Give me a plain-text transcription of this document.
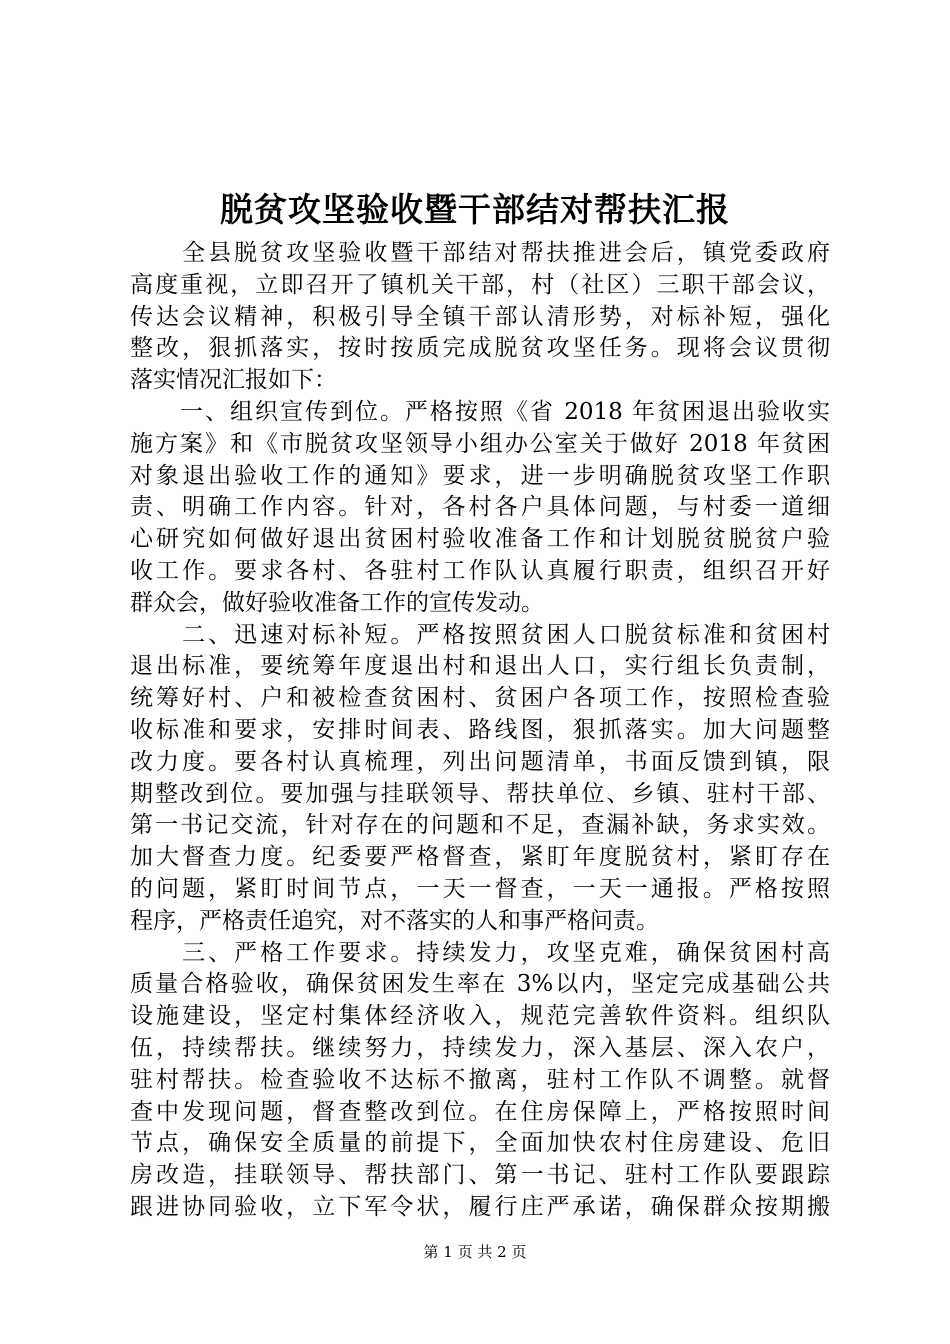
脱贫攻坚验收暨干部结对帮扶汇报
　　全县脱贫攻坚验收暨干部结对帮扶推进会后，镇党委政府
高度重视，立即召开了镇机关干部，村（社区）三职干部会议，
传达会议精神，积极引导全镇干部认清形势，对标补短，强化
整改，狠抓落实，按时按质完成脱贫攻坚任务。现将会议贯彻
落实情况汇报如下：
　　一、组织宣传到位。严格按照《省 2018 年贫困退出验收实
施方案》和《市脱贫攻坚领导小组办公室关于做好 2018 年贫困
对象退出验收工作的通知》要求，进一步明确脱贫攻坚工作职
责、明确工作内容。针对，各村各户具体问题，与村委一道细
心研究如何做好退出贫困村验收准备工作和计划脱贫脱贫户验
收工作。要求各村、各驻村工作队认真履行职责，组织召开好
群众会，做好验收准备工作的宣传发动。
　　二、迅速对标补短。严格按照贫困人口脱贫标准和贫困村
退出标准，要统筹年度退出村和退出人口，实行组长负责制，
统筹好村、户和被检查贫困村、贫困户各项工作，按照检查验
收标准和要求，安排时间表、路线图，狠抓落实。加大问题整
改力度。要各村认真梳理，列出问题清单，书面反馈到镇，限
期整改到位。要加强与挂联领导、帮扶单位、乡镇、驻村干部、
第一书记交流，针对存在的问题和不足，查漏补缺，务求实效。
加大督查力度。纪委要严格督查，紧盯年度脱贫村，紧盯存在
的问题，紧盯时间节点，一天一督查，一天一通报。严格按照
程序，严格责任追究，对不落实的人和事严格问责。
　　三、严格工作要求。持续发力，攻坚克难，确保贫困村高
质量合格验收，确保贫困发生率在 3%以内，坚定完成基础公共
设施建设，坚定村集体经济收入，规范完善软件资料。组织队
伍，持续帮扶。继续努力，持续发力，深入基层、深入农户，
驻村帮扶。检查验收不达标不撤离，驻村工作队不调整。就督
查中发现问题，督查整改到位。在住房保障上，严格按照时间
节点，确保安全质量的前提下，全面加快农村住房建设、危旧
房改造，挂联领导、帮扶部门、第一书记、驻村工作队要跟踪
跟进协同验收，立下军令状，履行庄严承诺，确保群众按期搬
第 1 页 共 2 页
